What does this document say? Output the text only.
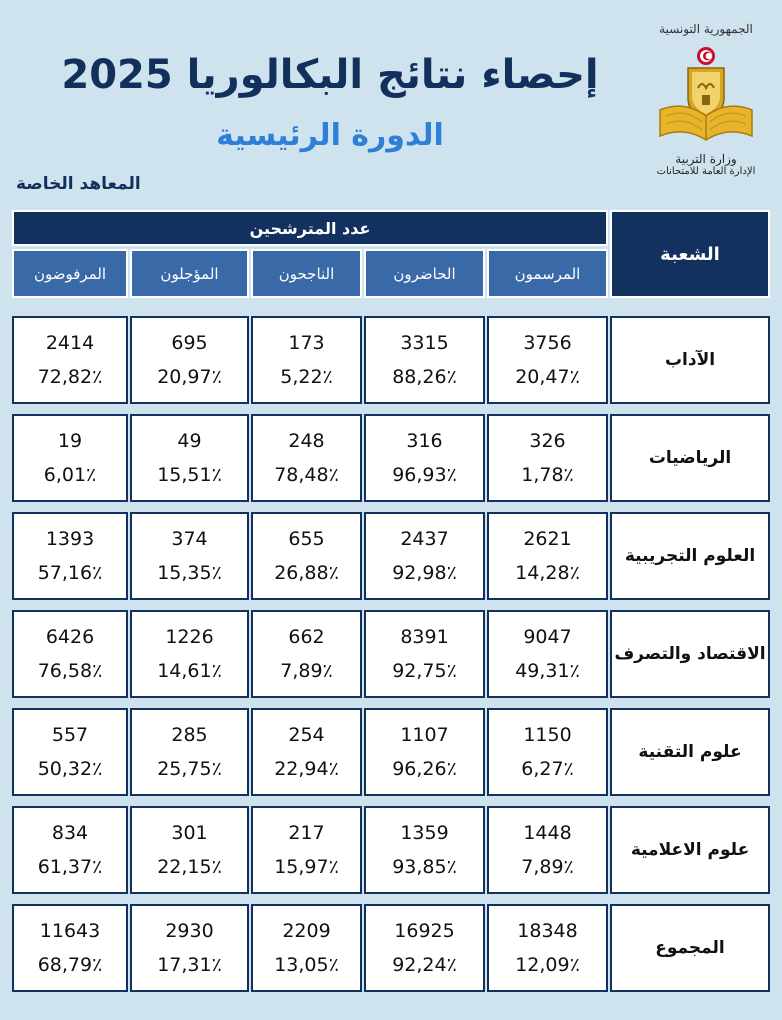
الجمهورية التونسية
وزارة التربية
الإدارة العامة للامتحانات
إحصاء نتائج البكالوريا 2025
الدورة الرئيسية
المعاهد الخاصة
عدد المترشحين
الشعبة
المرسمون
الحاضرون
الناجحون
المؤجلون
المرفوضون
الآداب
3756
20,47٪
3315
88,26٪
173
5,22٪
695
20,97٪
2414
72,82٪
الرياضيات
326
1,78٪
316
96,93٪
248
78,48٪
49
15,51٪
19
6,01٪
العلوم التجريبية
2621
14,28٪
2437
92,98٪
655
26,88٪
374
15,35٪
1393
57,16٪
الاقتصاد والتصرف
9047
49,31٪
8391
92,75٪
662
7,89٪
1226
14,61٪
6426
76,58٪
علوم التقنية
1150
6,27٪
1107
96,26٪
254
22,94٪
285
25,75٪
557
50,32٪
علوم الاعلامية
1448
7,89٪
1359
93,85٪
217
15,97٪
301
22,15٪
834
61,37٪
المجموع
18348
12,09٪
16925
92,24٪
2209
13,05٪
2930
17,31٪
11643
68,79٪
